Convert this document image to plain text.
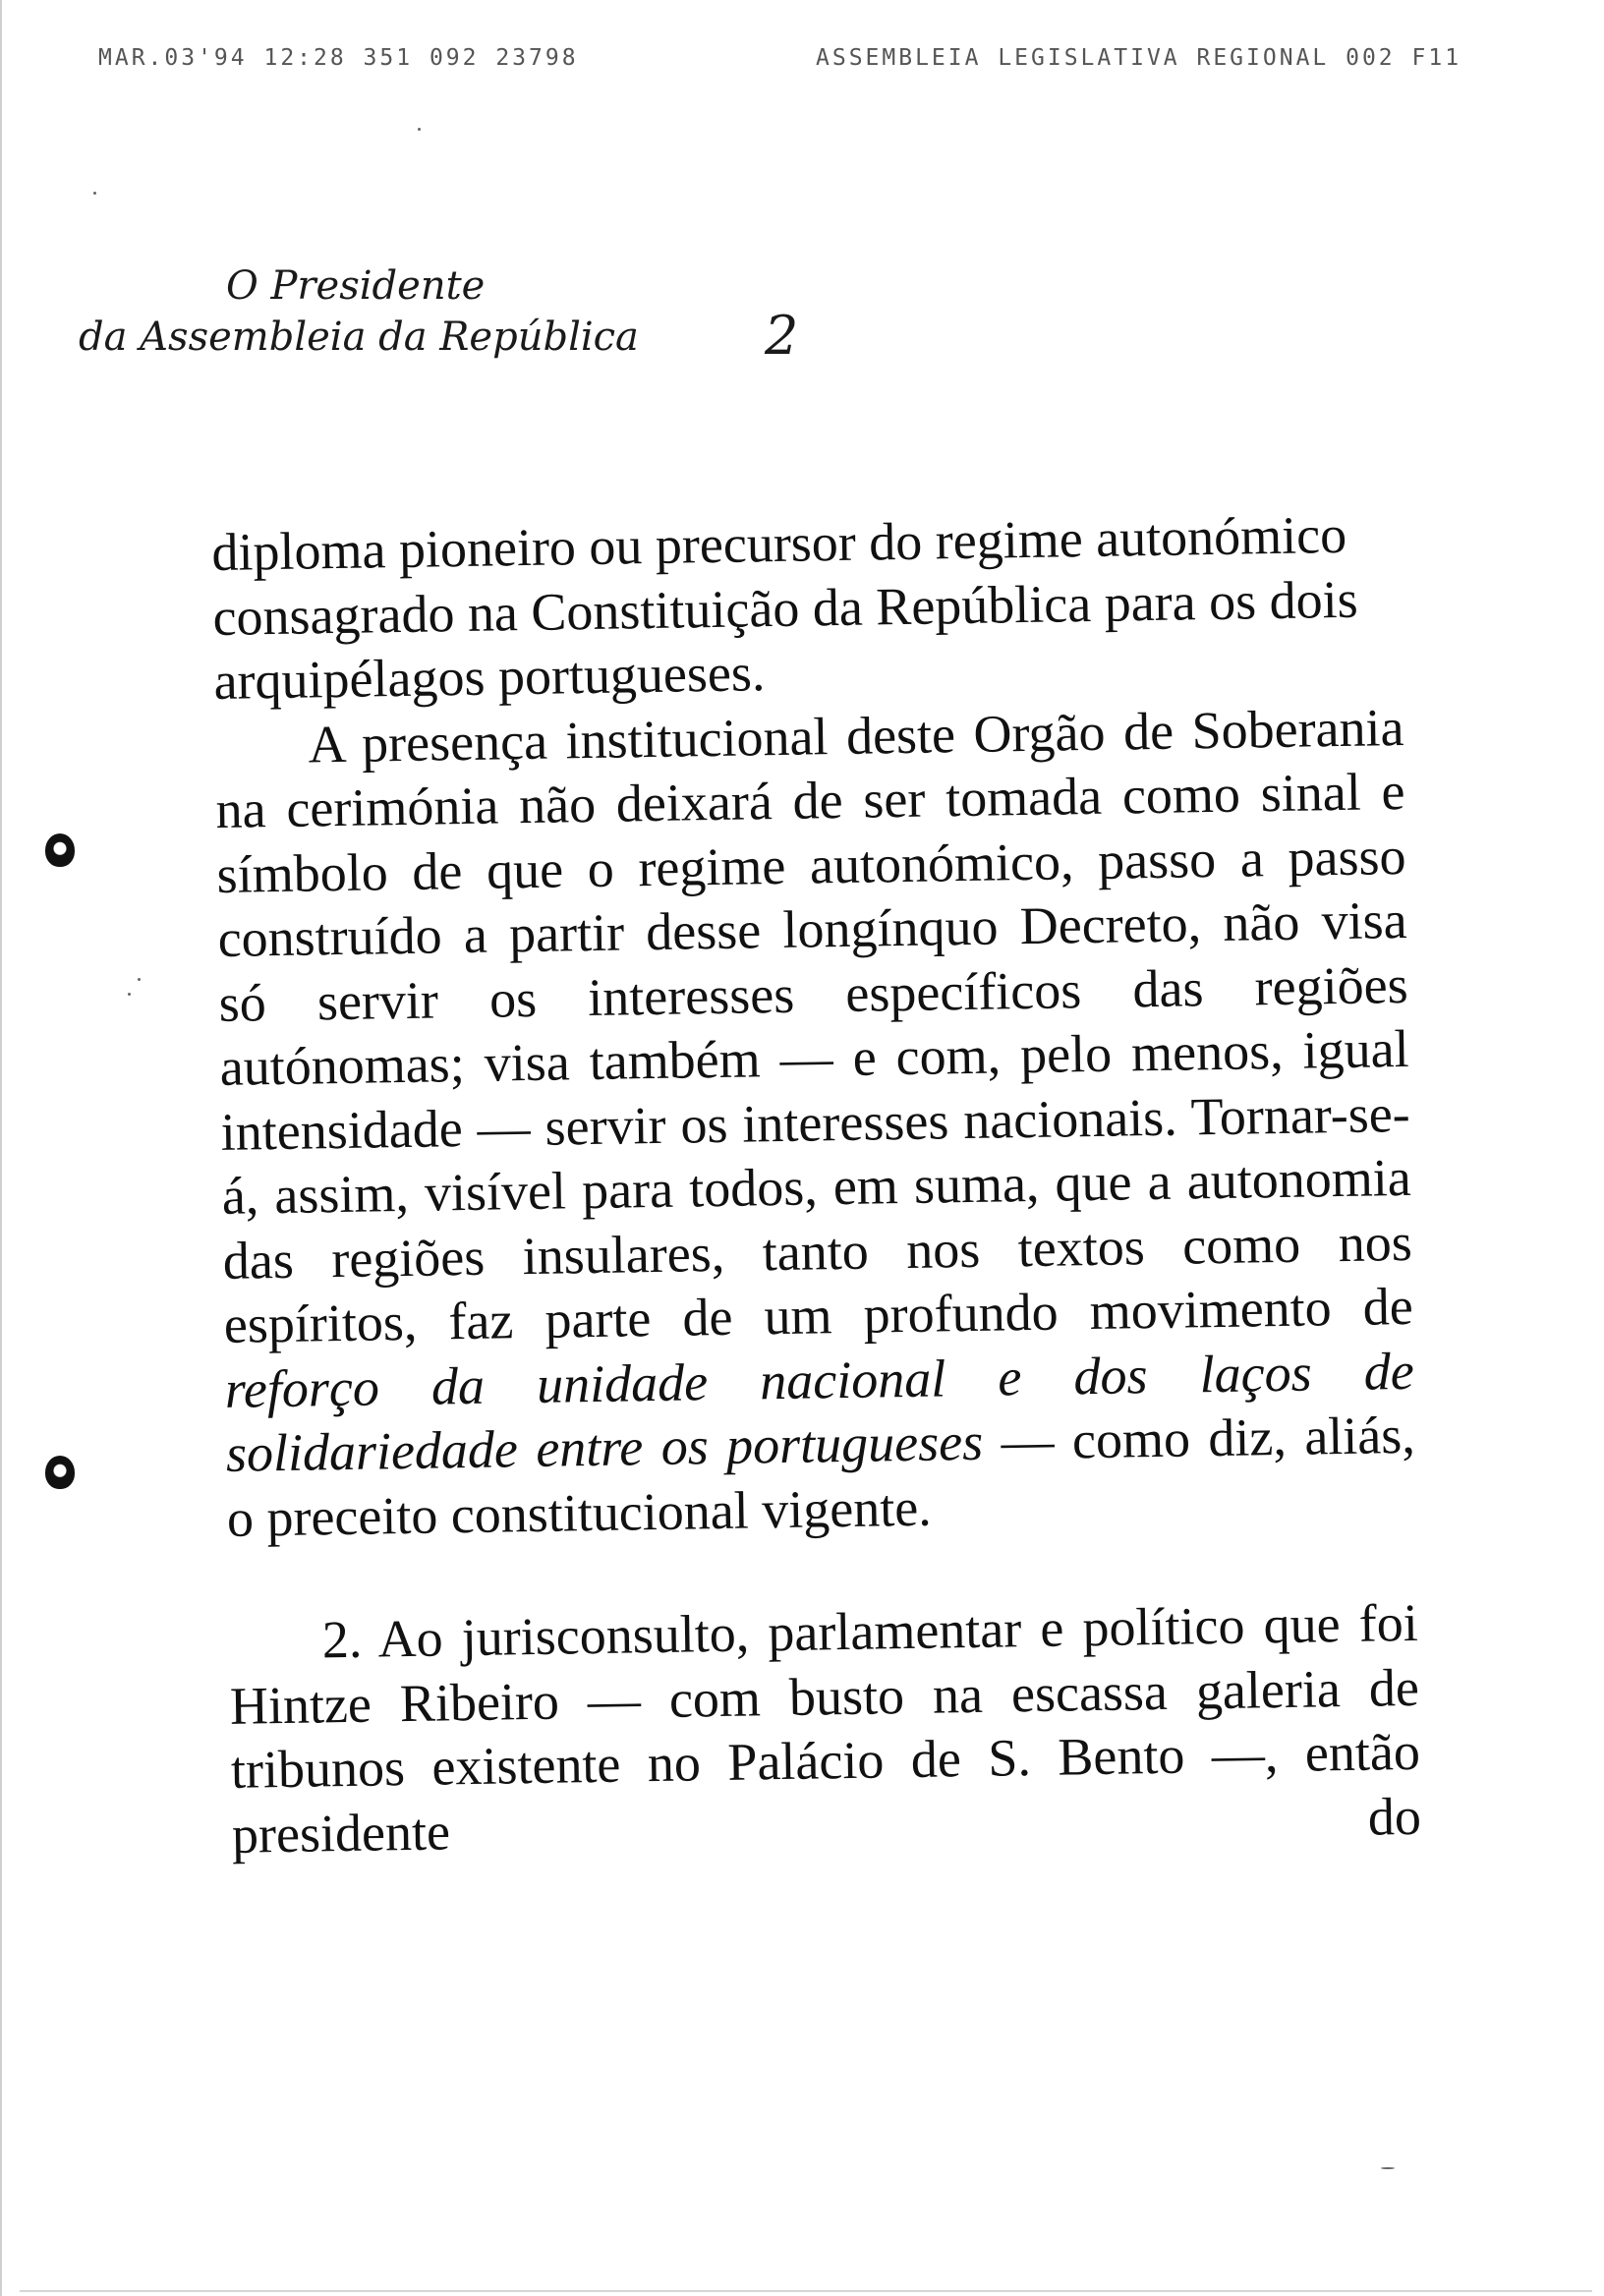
MAR.03'94 12:28 351 092 23798	ASSEMBLEIA LEGISLATIVA REGIONAL 002 F11
O Presidente
da Assembleia da República 2

diploma pioneiro ou precursor do regime autonómico consagrado na Constituição da República para os dois arquipélagos portugueses.

A presença institucional deste Orgão de Soberania na cerimónia não deixará de ser tomada como sinal e símbolo de que o regime autonómico, passo a passo construído a partir desse longínquo Decreto, não visa só servir os interesses específicos das regiões autónomas; visa também — e com, pelo menos, igual intensidade — servir os interesses nacionais. Tornar-se-á, assim, visível para todos, em suma, que a autonomia das regiões insulares, tanto nos textos como nos espíritos, faz parte de um profundo movimento de reforço da unidade nacional e dos laços de solidariedade entre os portugueses — como diz, aliás, o preceito constitucional vigente.

2. Ao jurisconsulto, parlamentar e político que foi Hintze Ribeiro — com busto na escassa galeria de tribunos existente no Palácio de S. Bento —, então presidente do
